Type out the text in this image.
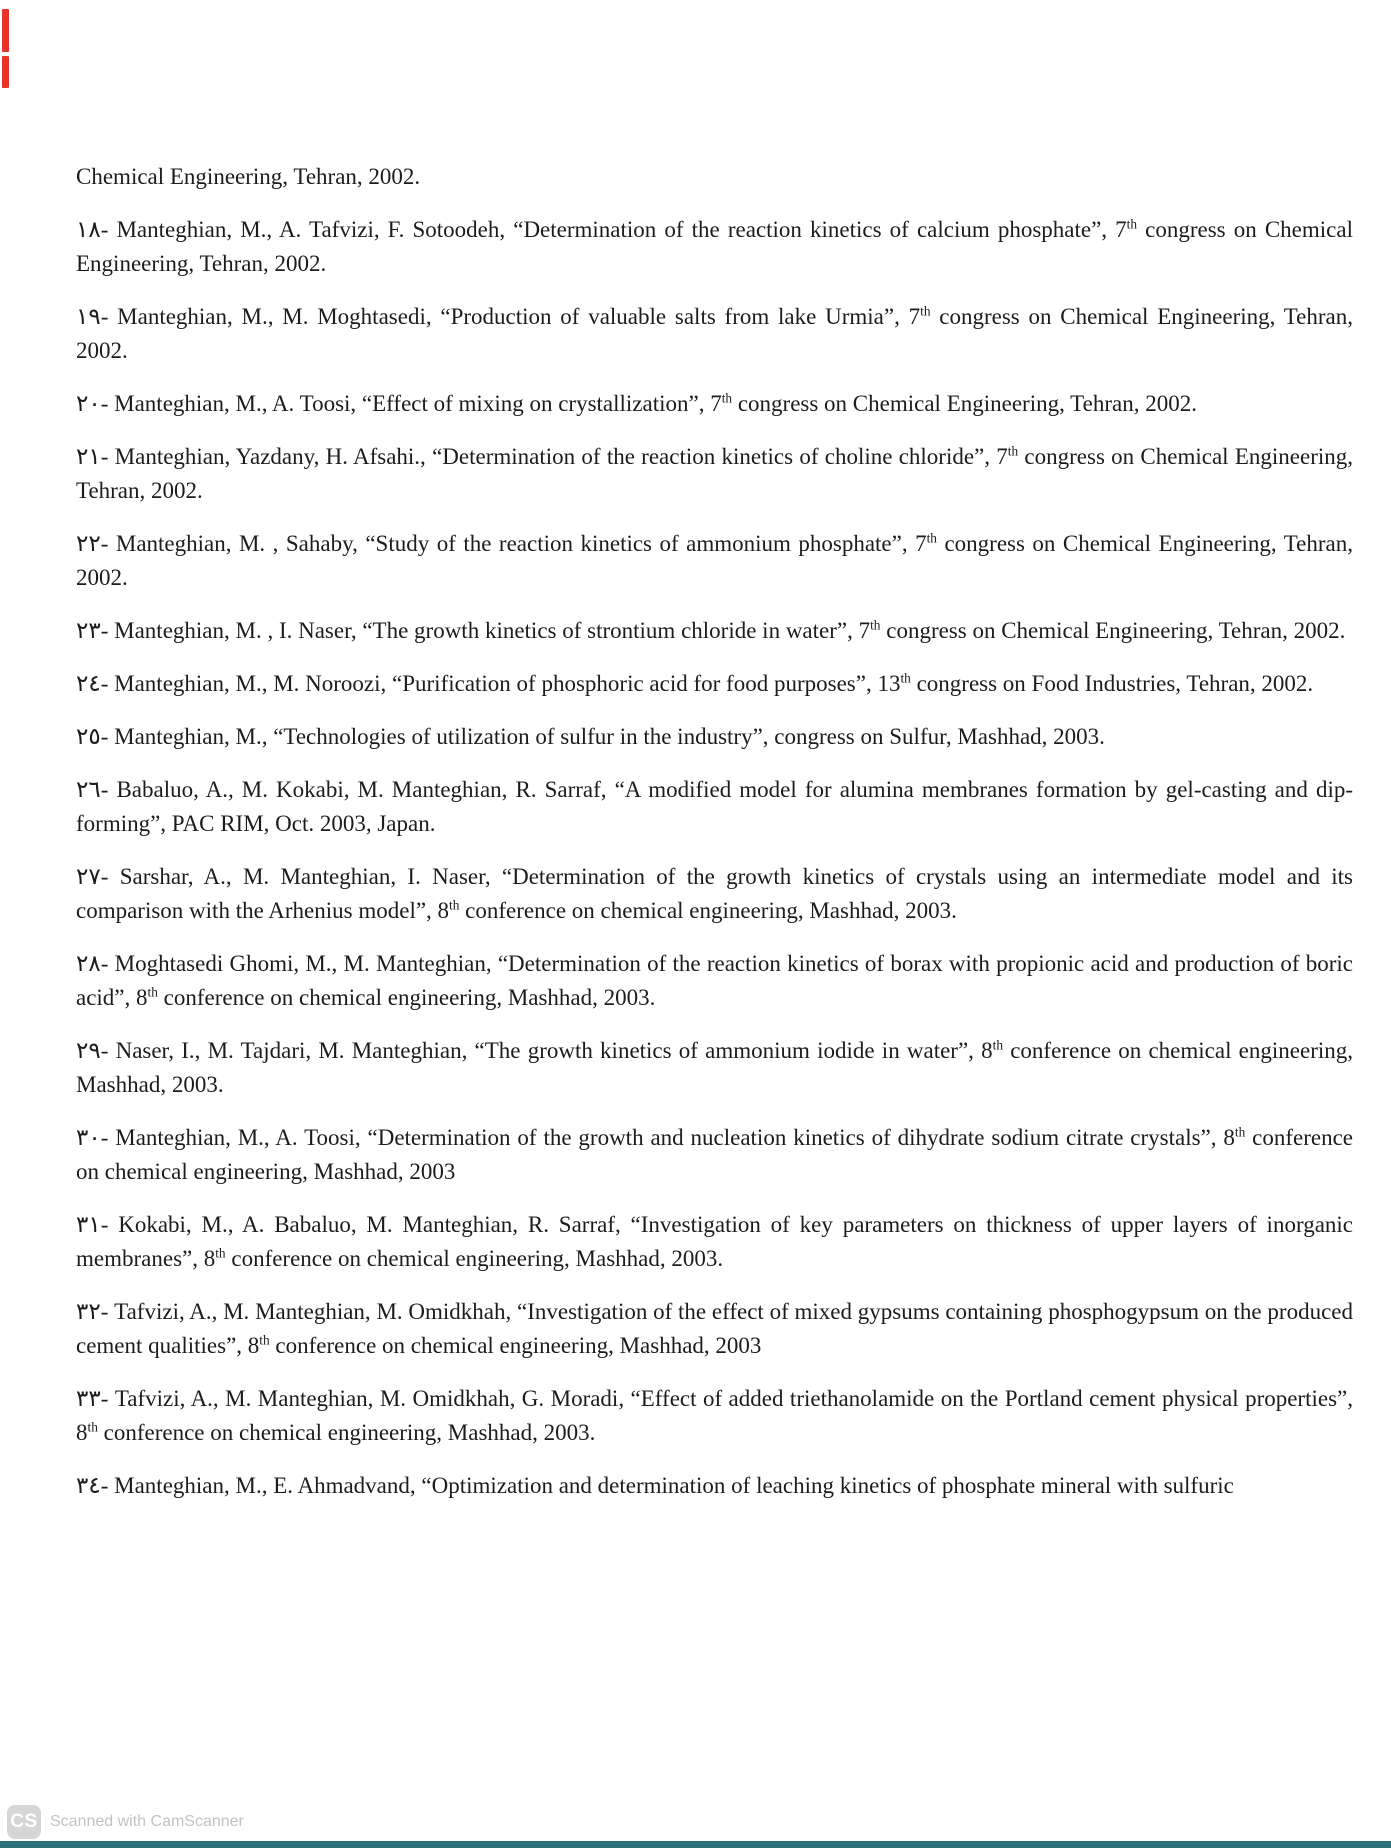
Chemical Engineering, Tehran, 2002.

١٨- Manteghian, M., A. Tafvizi, F. Sotoodeh, “Determination of the reaction kinetics of calcium phosphate”, 7th congress on Chemical Engineering, Tehran, 2002.

١٩- Manteghian, M., M. Moghtasedi, “Production of valuable salts from lake Urmia”, 7th congress on Chemical Engineering, Tehran, 2002.

٢٠- Manteghian, M., A. Toosi, “Effect of mixing on crystallization”, 7th congress on Chemical Engineering, Tehran, 2002.

٢١- Manteghian, Yazdany, H. Afsahi., “Determination of the reaction kinetics of choline chloride”, 7th congress on Chemical Engineering, Tehran, 2002.

٢٢- Manteghian, M. , Sahaby, “Study of the reaction kinetics of ammonium phosphate”, 7th congress on Chemical Engineering, Tehran, 2002.

٢٣- Manteghian, M. , I. Naser, “The growth kinetics of strontium chloride in water”, 7th congress on Chemical Engineering, Tehran, 2002.

٢٤- Manteghian, M., M. Noroozi, “Purification of phosphoric acid for food purposes”, 13th congress on Food Industries, Tehran, 2002.

٢٥- Manteghian, M., “Technologies of utilization of sulfur in the industry”, congress on Sulfur, Mashhad, 2003.

٢٦- Babaluo, A., M. Kokabi, M. Manteghian, R. Sarraf, “A modified model for alumina membranes formation by gel-casting and dip-forming”, PAC RIM, Oct. 2003, Japan.

٢٧- Sarshar, A., M. Manteghian, I. Naser, “Determination of the growth kinetics of crystals using an intermediate model and its comparison with the Arhenius model”, 8th conference on chemical engineering, Mashhad, 2003.

٢٨- Moghtasedi Ghomi, M., M. Manteghian, “Determination of the reaction kinetics of borax with propionic acid and production of boric acid”, 8th conference on chemical engineering, Mashhad, 2003.

٢٩- Naser, I., M. Tajdari, M. Manteghian, “The growth kinetics of ammonium iodide in water”, 8th conference on chemical engineering, Mashhad, 2003.

٣٠- Manteghian, M., A. Toosi, “Determination of the growth and nucleation kinetics of dihydrate sodium citrate crystals”, 8th conference on chemical engineering, Mashhad, 2003

٣١- Kokabi, M., A. Babaluo, M. Manteghian, R. Sarraf, “Investigation of key parameters on thickness of upper layers of inorganic membranes”, 8th conference on chemical engineering, Mashhad, 2003.

٣٢- Tafvizi, A., M. Manteghian, M. Omidkhah, “Investigation of the effect of mixed gypsums containing phosphogypsum on the produced cement qualities”, 8th conference on chemical engineering, Mashhad, 2003

٣٣- Tafvizi, A., M. Manteghian, M. Omidkhah, G. Moradi, “Effect of added triethanolamide on the Portland cement physical properties”, 8th conference on chemical engineering, Mashhad, 2003.

٣٤- Manteghian, M., E. Ahmadvand, “Optimization and determination of leaching kinetics of phosphate mineral with sulfuric

CS Scanned with CamScanner
